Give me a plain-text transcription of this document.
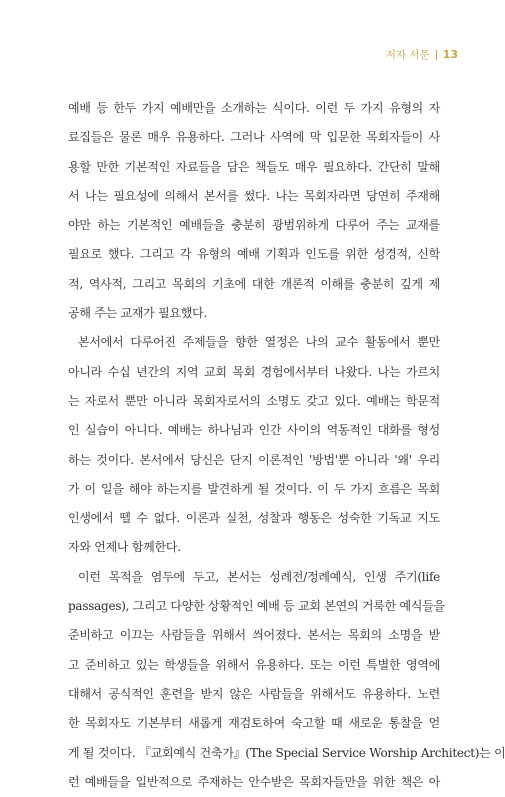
저자 서문 13
예배 등 한두 가지 예배만을 소개하는 식이다. 이런 두 가지 유형의 자
료집들은 물론 매우 유용하다. 그러나 사역에 막 입문한 목회자들이 사
용할 만한 기본적인 자료들을 담은 책들도 매우 필요하다. 간단히 말해
서 나는 필요성에 의해서 본서를 썼다. 나는 목회자라면 당연히 주재해
야만 하는 기본적인 예배들을 충분히 광범위하게 다루어 주는 교재를
필요로 했다. 그리고 각 유형의 예배 기획과 인도를 위한 성경적, 신학
적, 역사적, 그리고 목회의 기초에 대한 개론적 이해를 충분히 깊게 제
공해 주는 교재가 필요했다.
본서에서 다루어진 주제들을 향한 열정은 나의 교수 활동에서 뿐만
아니라 수십 년간의 지역 교회 목회 경험에서부터 나왔다. 나는 가르치
는 자로서 뿐만 아니라 목회자로서의 소명도 갖고 있다. 예배는 학문적
인 실습이 아니다. 예배는 하나님과 인간 사이의 역동적인 대화를 형성
하는 것이다. 본서에서 당신은 단지 이론적인 '방법'뿐 아니라 '왜' 우리
가 이 일을 해야 하는지를 발견하게 될 것이다. 이 두 가지 흐름은 목회
인생에서 뗄 수 없다. 이론과 실천, 성찰과 행동은 성숙한 기독교 지도
자와 언제나 함께한다.
이런 목적을 염두에 두고, 본서는 성례전/정례예식, 인생 주기(life
passages), 그리고 다양한 상황적인 예배 등 교회 본연의 거룩한 예식들을
준비하고 이끄는 사람들을 위해서 씌어졌다. 본서는 목회의 소명을 받
고 준비하고 있는 학생들을 위해서 유용하다. 또는 이런 특별한 영역에
대해서 공식적인 훈련을 받지 않은 사람들을 위해서도 유용하다. 노련
한 목회자도 기본부터 새롭게 재검토하여 숙고할 때 새로운 통찰을 얻
게 될 것이다. 『교회예식 건축가』(The Special Service Worship Architect)는 이
런 예배들을 일반적으로 주재하는 안수받은 목회자들만을 위한 책은 아
